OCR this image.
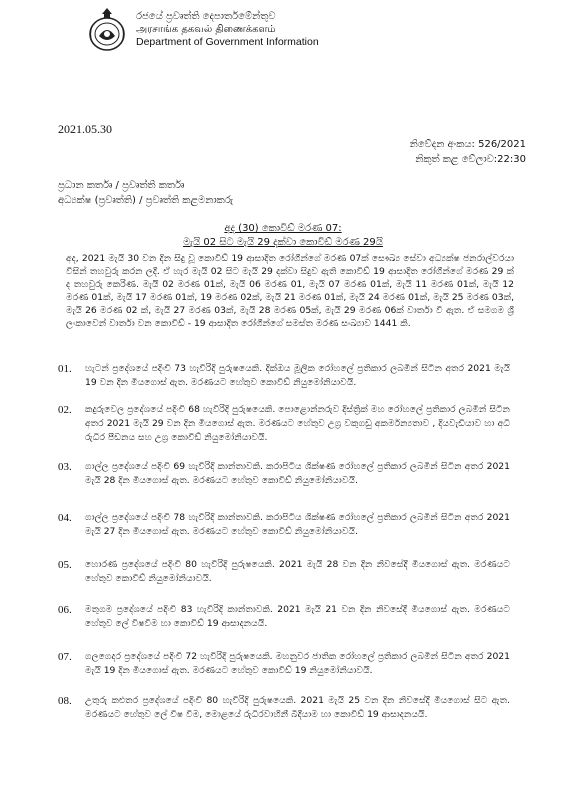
රජයේ ප්‍රවෘත්ති දෙපාර්තමේන්තුව
அரசாங்க தகவல் திணைக்களம்
Department of Government Information
2021.05.30
නිවේදන අංකය: 526/2021
නිකුත් කළ වේලාව:22:30
ප්‍රධාන කර්තෘ / ප්‍රවෘත්ති කර්තෘ
අධ්‍යක්ෂ (ප්‍රවෘත්ති) / ප්‍රවෘත්ති කළමනාකරු
අද (30) කොවිඩ් මරණ 07:
මැයි 02 සිට මැයි 29 දක්වා කොවිඩ් මරණ 29යි
අද, 2021 මැයි 30 වන දින සිදු වූ කොවිඩ් 19 ආසාදිත රෝගීන්ගේ මරණ 07ක් සෞඛ්‍ය සේවා අධ්‍යක්ෂ ජනරාල්වරයා විසින් තහවුරු කරන ලදී. ඒ හැර මැයි 02 සිට මැයි 29 දක්වා සිදුව ඇති කොවිඩ් 19 ආසාදිත රෝගීන්ගේ මරණ 29 ක් ද තහවුරු කෙරිණ. මැයි 02 මරණ 01ක්, මැයි 06 මරණ 01, මැයි 07 මරණ 01ක්, මැයි 11 මරණ 01ක්, මැයි 12 මරණ 01ක්, මැයි 17 මරණ 01ක්, 19 මරණ 02ක්, මැයි 21 මරණ 01ක්, මැයි 24 මරණ 01ක්, මැයි 25 මරණ 03ක්, මැයි 26 මරණ 02 ක්, මැයි 27 මරණ 03ක්, මැයි 28 මරණ 05ක්, මැයි 29 මරණ 06ක් වාර්තා වී ඇත. ඒ සමගම ශ්‍රී ලංකාවෙන් වාර්තා වන කොවිඩ් - 19 ආසාදිත රෝගීන්ගේ සමස්ත මරණ සංඛ්‍යාව 1441 කි.
01. හැටන් ප්‍රදේශයේ පදිංචි 73 හැවිරිදි පුරුෂයෙකි. දික්ඔය මූලික රෝහලේ ප්‍රතිකාර ලබමින් සිටින අතර 2021 මැයි 19 වන දින මියගොස් ඇත. මරණයට හේතුව කොවිඩ් නියුමෝනියාවයි.
02. කදුරුවෙල ප්‍රදේශයේ පදිංචි 68 හැවිරිදි පුරුෂයෙකි. පොළොන්නරුව දිස්ත්‍රික් මහ රෝහලේ ප්‍රතිකාර ලබමින් සිටින අතර 2021 මැයි 29 වන දින මියගොස් ඇත. මරණයට හේතුව උග්‍ර වකුගඩු අකර්මන්‍යතාව , දියවැඩියාව හා අධි රුධිර පීඩනය සහ උග්‍ර කොවිඩ් නියුමෝනියාවයි.
03. ගාල්ල ප්‍රදේශයේ පදිංචි 69 හැවිරිදි කාන්තාවකි. කරාපිටිය ශික්ෂණ රෝහලේ ප්‍රතිකාර ලබමින් සිටින අතර 2021 මැයි 28 දින මියගොස් ඇත. මරණයට හේතුව කොවිඩ් නියුමෝනියාවයි.
04. ගාල්ල ප්‍රදේශයේ පදිංචි 78 හැවිරිදි කාන්තාවකි. කරාපිටිය ශික්ෂණ රෝහලේ ප්‍රතිකාර ලබමින් සිටින අතර 2021 මැයි 27 දින මියගොස් ඇත. මරණයට හේතුව කොවිඩ් නියුමෝනියාවයි.
05. හොරණ ප්‍රදේශයේ පදිංචි 80 හැවිරිදි පුරුෂයෙකි. 2021 මැයි 28 වන දින නිවසේදී මියගොස් ඇත. මරණයට හේතුව කොවිඩ් නියුමෝනියාවයි.
06. මතුගම ප්‍රදේශයේ පදිංචි 83 හැවිරිදි කාන්තාවකි. 2021 මැයි 21 වන දින නිවසේදී මියගොස් ඇත. මරණයට හේතුව ලේ විෂවීම හා කොවිඩ් 19 ආසාදනයයි.
07. ගලගෙදර ප්‍රදේශයේ පදිංචි 72 හැවිරිදි පුරුෂයෙකි. මහනුවර ජාතික රෝහලේ ප්‍රතිකාර ලබමින් සිටින අතර 2021 මැයි 19 දින මියගොස් ඇත. මරණයට හේතුව කොවිඩ් 19 නියුමෝනියාවයි.
08. උතුරු කළුතර ප්‍රදේශයේ පදිංචි 80 හැවිරිදි පුරුෂයෙකි. 2021 මැයි 25 වන දින නිවසේදී මියගොස් සිට ඇත. මරණයට හේතුව ලේ විෂ වීම, මොළයේ රුධිරවාහිනී බිදීයාම හා කොවිඩ් 19 ආසාදනයයි.
